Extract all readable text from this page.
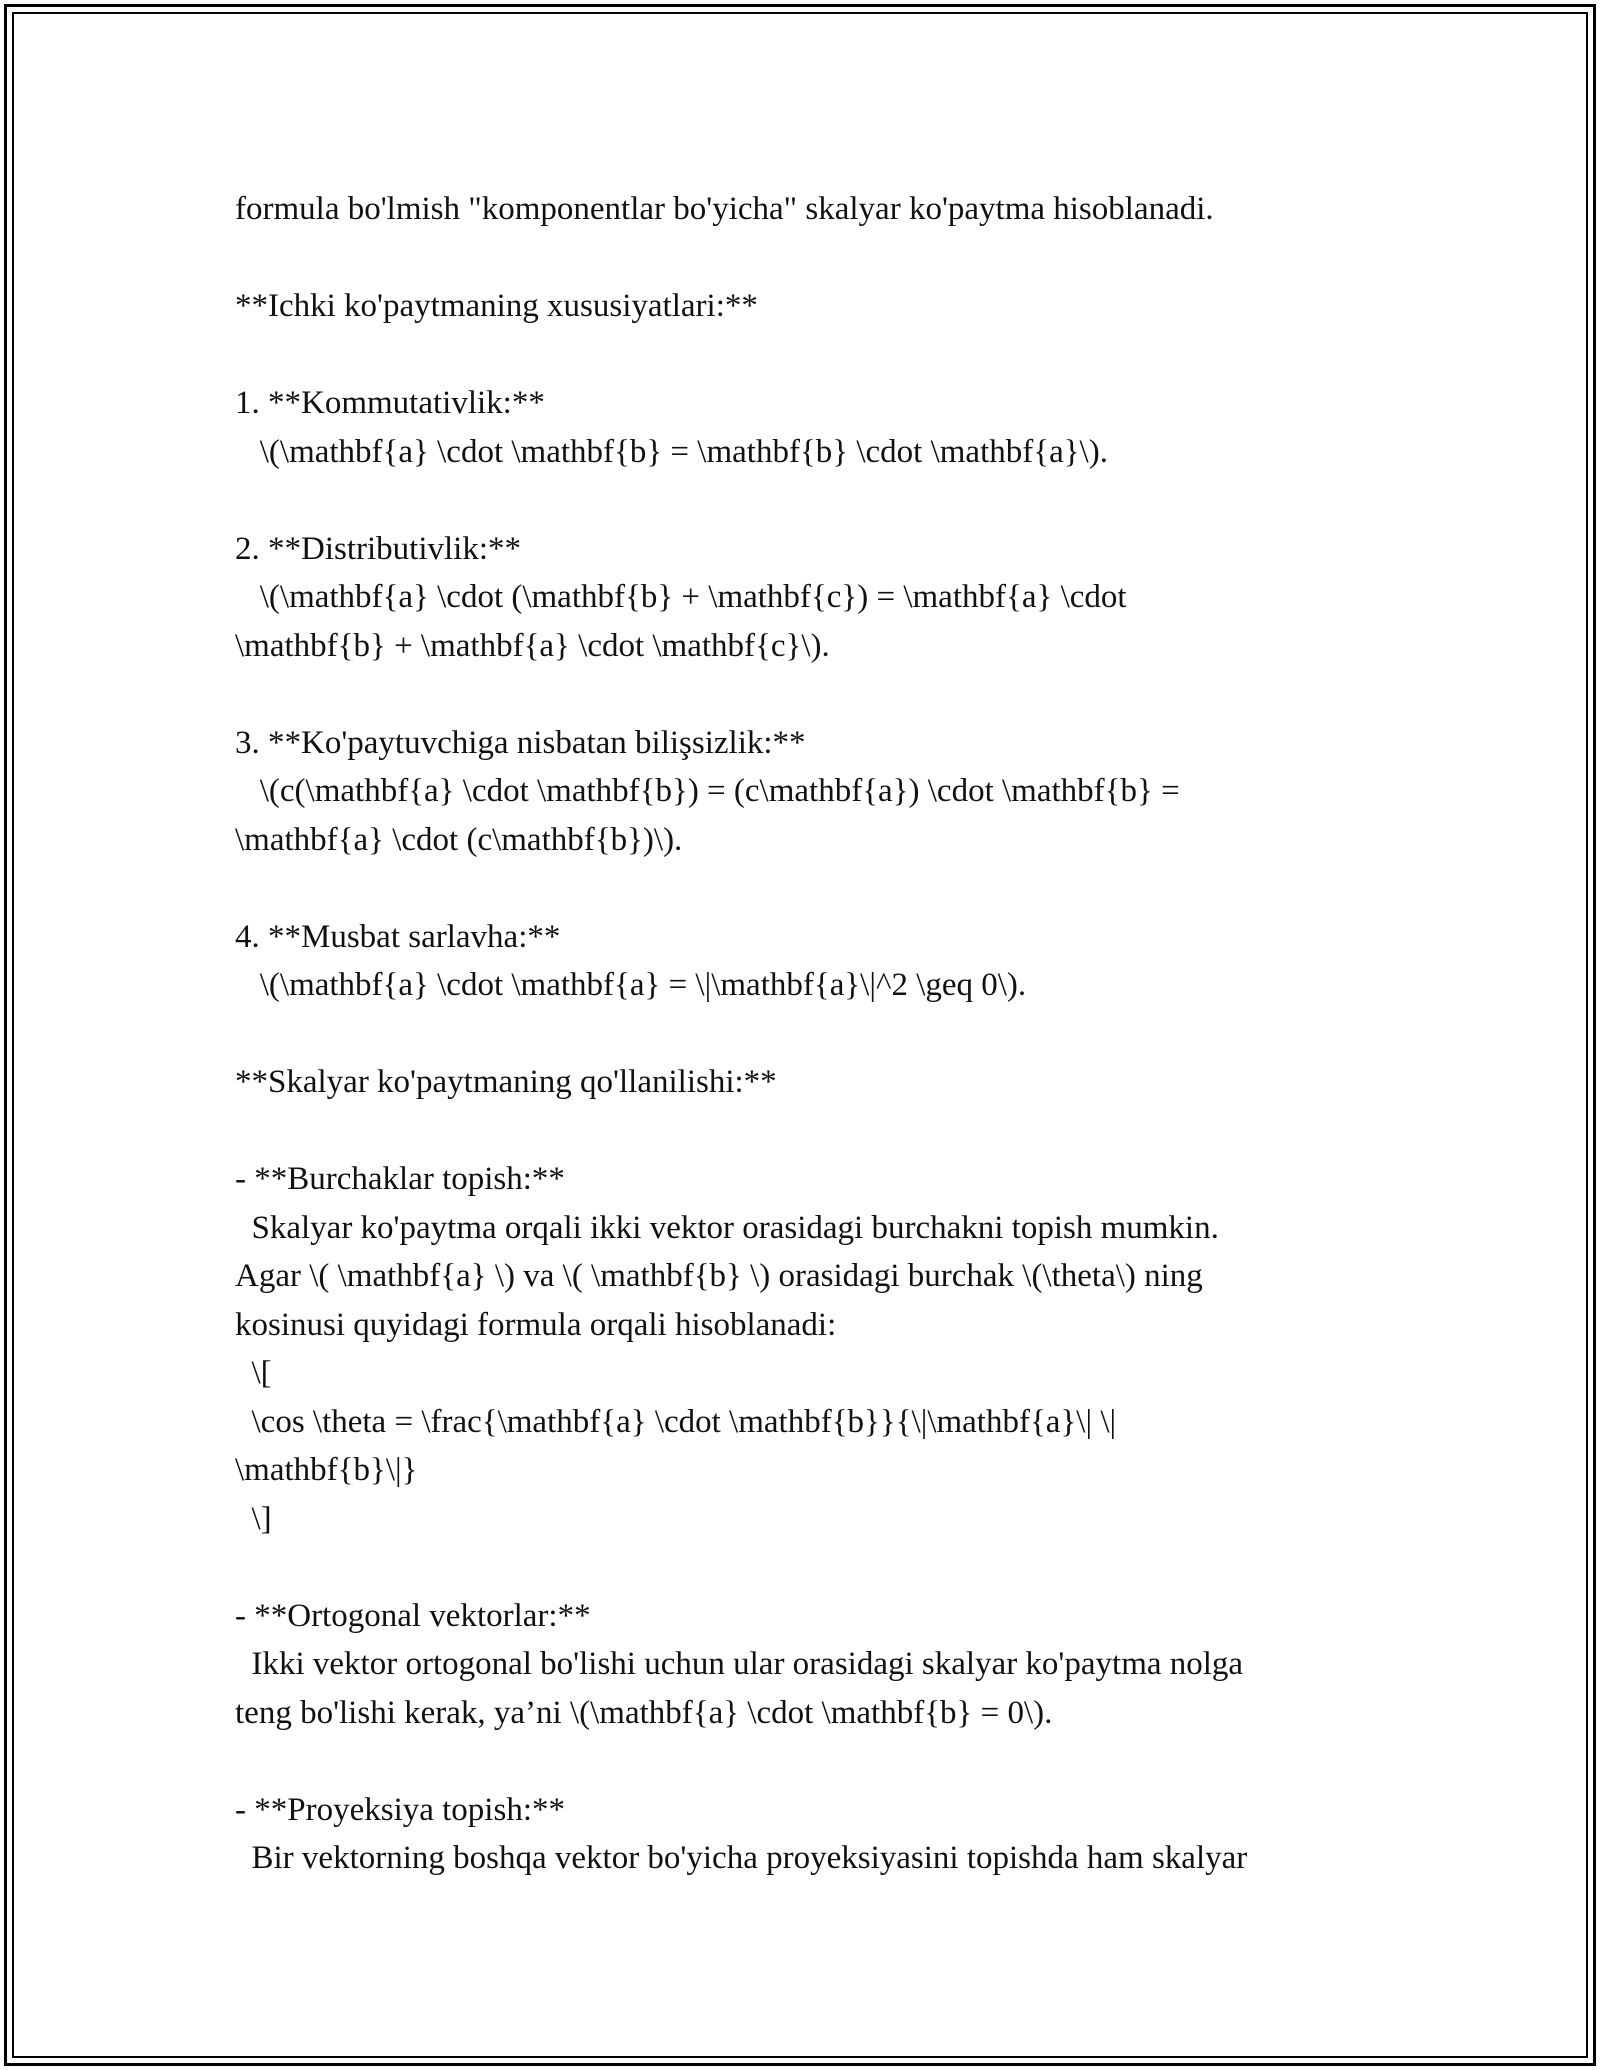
formula bo'lmish "komponentlar bo'yicha" skalyar ko'paytma hisoblanadi.
**Ichki ko'paytmaning xususiyatlari:**
1. **Kommutativlik:**
\(\mathbf{a} \cdot \mathbf{b} = \mathbf{b} \cdot \mathbf{a}\).
2. **Distributivlik:**
\(\mathbf{a} \cdot (\mathbf{b} + \mathbf{c}) = \mathbf{a} \cdot
\mathbf{b} + \mathbf{a} \cdot \mathbf{c}\).
3. **Ko'paytuvchiga nisbatan bilişsizlik:**
\(c(\mathbf{a} \cdot \mathbf{b}) = (c\mathbf{a}) \cdot \mathbf{b} =
\mathbf{a} \cdot (c\mathbf{b})\).
4. **Musbat sarlavha:**
\(\mathbf{a} \cdot \mathbf{a} = \|\mathbf{a}\|^2 \geq 0\).
**Skalyar ko'paytmaning qo'llanilishi:**
- **Burchaklar topish:**
Skalyar ko'paytma orqali ikki vektor orasidagi burchakni topish mumkin.
Agar \( \mathbf{a} \) va \( \mathbf{b} \) orasidagi burchak \(\theta\) ning
kosinusi quyidagi formula orqali hisoblanadi:
\[
\cos \theta = \frac{\mathbf{a} \cdot \mathbf{b}}{\|\mathbf{a}\| \|
\mathbf{b}\|}
\]
- **Ortogonal vektorlar:**
Ikki vektor ortogonal bo'lishi uchun ular orasidagi skalyar ko'paytma nolga
teng bo'lishi kerak, ya’ni \(\mathbf{a} \cdot \mathbf{b} = 0\).
- **Proyeksiya topish:**
Bir vektorning boshqa vektor bo'yicha proyeksiyasini topishda ham skalyar
